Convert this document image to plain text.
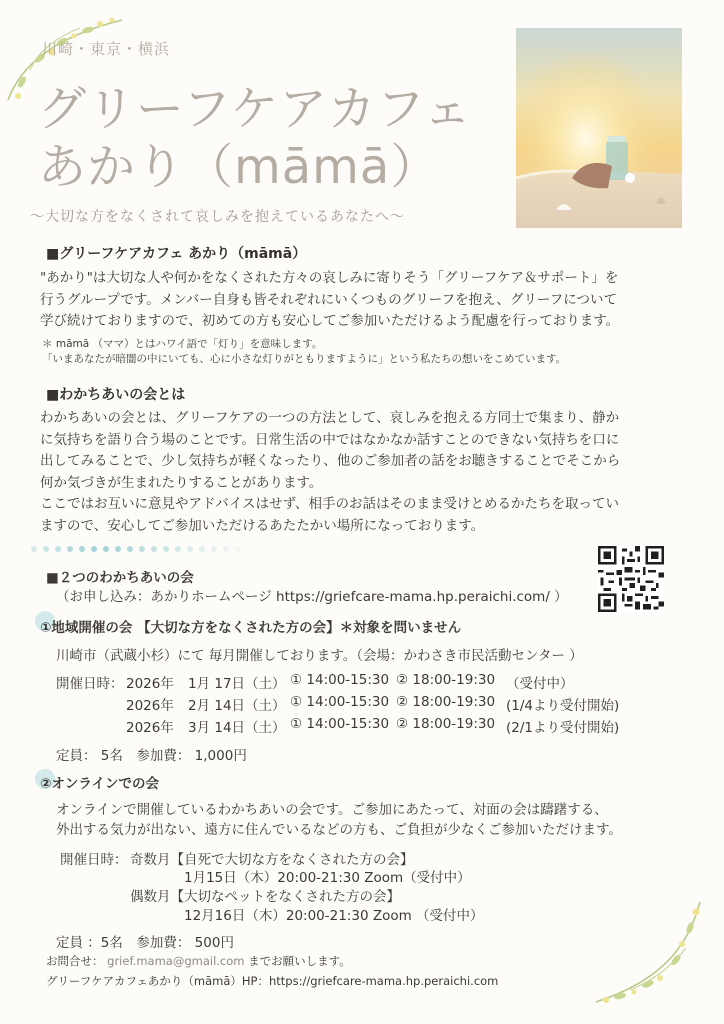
川崎・東京・横浜
グリーフケアカフェ
あかり（māmā）
～大切な方をなくされて哀しみを抱えているあなたへ～
■グリーフケアカフェ あかり（māmā）
"あかり"は大切な人や何かをなくされた方々の哀しみに寄りそう「グリーフケア＆サポート」を
行うグループです。メンバー自身も皆それぞれにいくつものグリーフを抱え、グリーフについて
学び続けておりますので、初めての方も安心してご参加いただけるよう配慮を行っております。
＊ māmā （ママ）とはハワイ語で「灯り」を意味します。
「いまあなたが暗闇の中にいても、心に小さな灯りがともりますように」という私たちの想いをこめています。
■わかちあいの会とは
わかちあいの会とは、グリーフケアの一つの方法として、哀しみを抱える方同士で集まり、静か
に気持ちを語り合う場のことです。日常生活の中ではなかなか話すことのできない気持ちを口に
出してみることで、少し気持ちが軽くなったり、他のご参加者の話をお聴きすることでそこから
何か気づきが生まれたりすることがあります。
ここではお互いに意見やアドバイスはせず、相手のお話はそのまま受けとめるかたちを取ってい
ますので、安心してご参加いただけるあたたかい場所になっております。
■２つのわかちあいの会
（お申し込み：あかりホームページ https://griefcare-mama.hp.peraichi.com/ ）
①地域開催の会 【大切な方をなくされた方の会】＊対象を問いません
川崎市（武蔵小杉）にて 毎月開催しております。（会場：かわさき市民活動センター ）
開催日時： 2026年 1月 17日（土） ① 14:00-15:30 ② 18:00-19:30 （受付中）
2026年 2月 14日（土） ① 14:00-15:30 ② 18:00-19:30 (1/4より受付開始)
2026年 3月 14日（土） ① 14:00-15:30 ② 18:00-19:30 (2/1より受付開始)
定員： 5名　参加費： 1,000円
②オンラインでの会
オンラインで開催しているわかちあいの会です。ご参加にあたって、対面の会は躊躇する、
外出する気力が出ない、遠方に住んでいるなどの方も、ご負担が少なくご参加いただけます。
開催日時： 奇数月【自死で大切な方をなくされた方の会】
1月15日（木）20:00-21:30 Zoom（受付中）
偶数月【大切なペットをなくされた方の会】
12月16日（木）20:00-21:30 Zoom （受付中）
定員 ：5名　参加費： 500円
お問合せ： grief.mama@gmail.com までお願いします。
グリーフケアカフェあかり（māmā）HP：https://griefcare-mama.hp.peraichi.com
